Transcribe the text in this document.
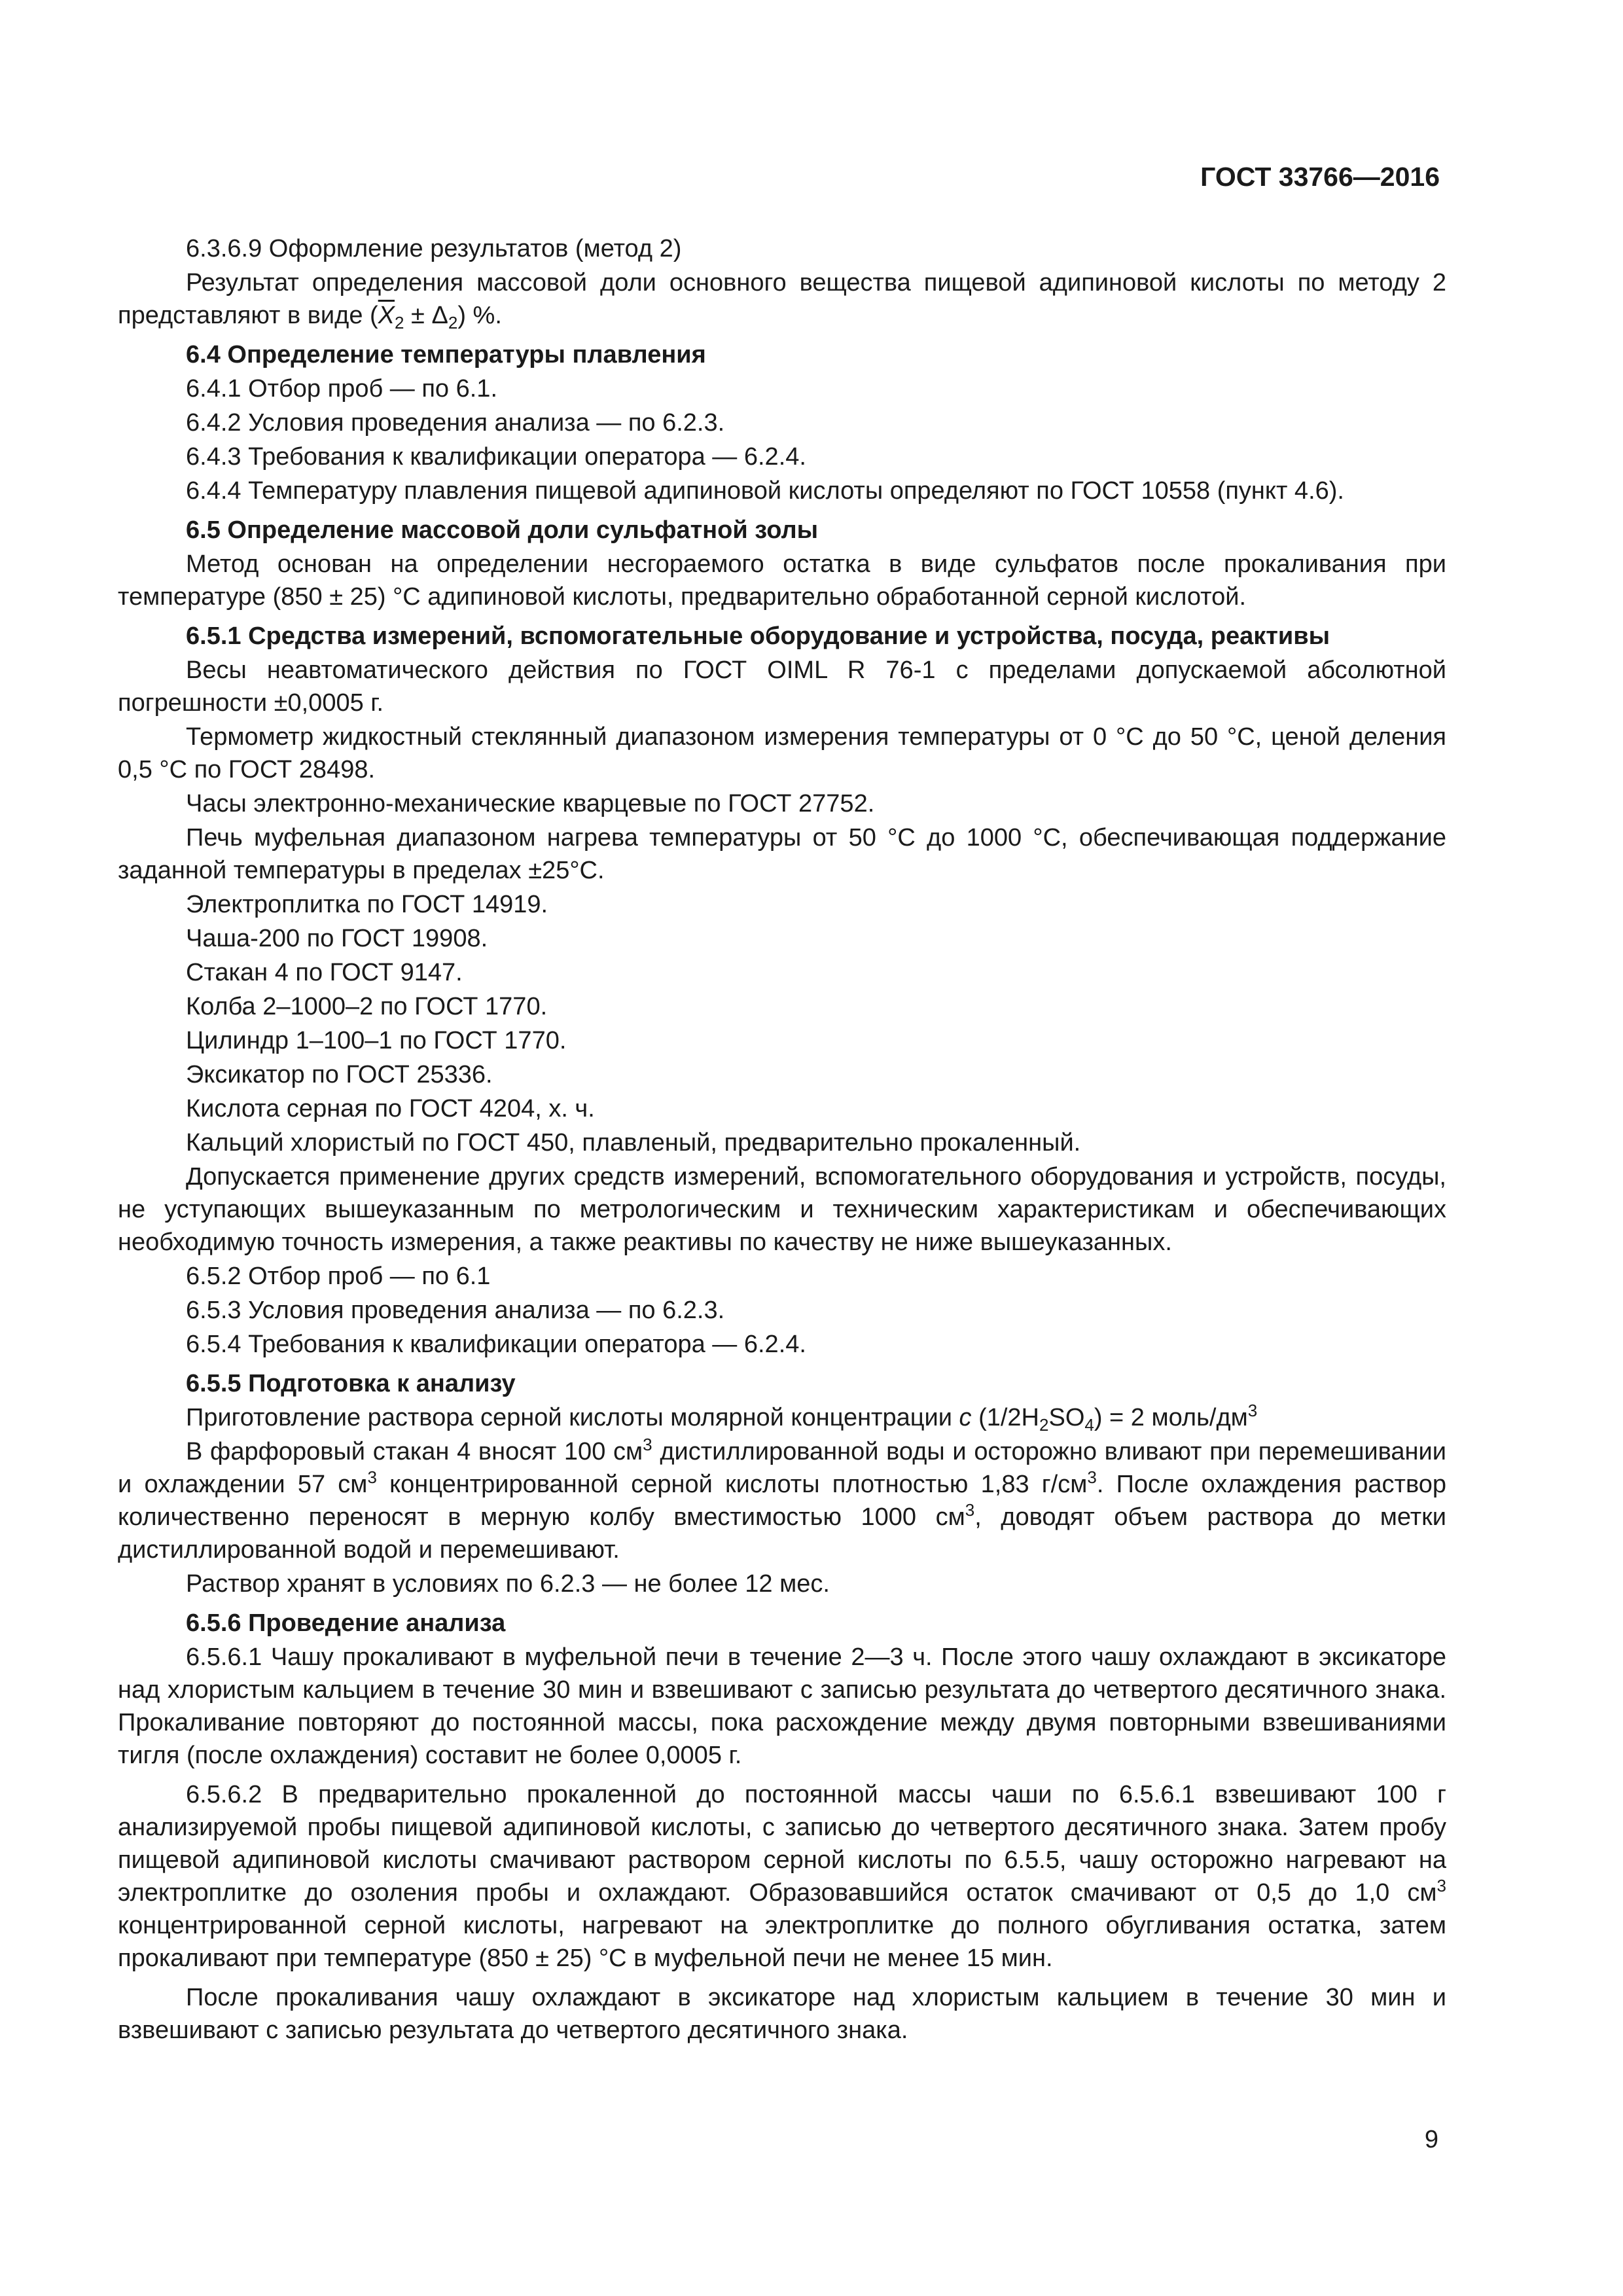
ГОСТ 33766—2016

6.3.6.9 Оформление результатов (метод 2)

Результат определения массовой доли основного вещества пищевой адипиновой кислоты по методу 2 представляют в виде $(\overline{X}_2 \pm \Delta_2)$ %.

6.4 Определение температуры плавления

6.4.1 Отбор проб — по 6.1.

6.4.2 Условия проведения анализа — по 6.2.3.

6.4.3 Требования к квалификации оператора — 6.2.4.

6.4.4 Температуру плавления пищевой адипиновой кислоты определяют по ГОСТ 10558 (пункт 4.6).

6.5 Определение массовой доли сульфатной золы

Метод основан на определении несгораемого остатка в виде сульфатов после прокаливания при температуре (850 ± 25) °С адипиновой кислоты, предварительно обработанной серной кислотой.

6.5.1 Средства измерений, вспомогательные оборудование и устройства, посуда, реактивы

Весы неавтоматического действия по ГОСТ OIML R 76-1 с пределами допускаемой абсолютной погрешности ±0,0005 г.

Термометр жидкостный стеклянный диапазоном измерения температуры от 0 °С до 50 °С, ценой деления 0,5 °С по ГОСТ 28498.

Часы электронно-механические кварцевые по ГОСТ 27752.

Печь муфельная диапазоном нагрева температуры от 50 °С до 1000 °С, обеспечивающая поддержание заданной температуры в пределах ±25°С.

Электроплитка по ГОСТ 14919.

Чаша-200 по ГОСТ 19908.

Стакан 4 по ГОСТ 9147.

Колба 2–1000–2 по ГОСТ 1770.

Цилиндр 1–100–1 по ГОСТ 1770.

Эксикатор по ГОСТ 25336.

Кислота серная по ГОСТ 4204, х. ч.

Кальций хлористый по ГОСТ 450, плавленый, предварительно прокаленный.

Допускается применение других средств измерений, вспомогательного оборудования и устройств, посуды, не уступающих вышеуказанным по метрологическим и техническим характеристикам и обеспечивающих необходимую точность измерения, а также реактивы по качеству не ниже вышеуказанных.

6.5.2 Отбор проб — по 6.1

6.5.3 Условия проведения анализа — по 6.2.3.

6.5.4 Требования к квалификации оператора — 6.2.4.

6.5.5 Подготовка к анализу

Приготовление раствора серной кислоты молярной концентрации c $(1/2H_2SO_4) = 2$ моль/$дм^3$

В фарфоровый стакан 4 вносят 100 $см^3$ дистиллированной воды и осторожно вливают при перемешивании и охлаждении 57 $см^3$ концентрированной серной кислоты плотностью 1,83 $г/см^3$. После охлаждения раствор количественно переносят в мерную колбу вместимостью 1000 $см^3$, доводят объем раствора до метки дистиллированной водой и перемешивают.

Раствор хранят в условиях по 6.2.3 — не более 12 мес.

6.5.6 Проведение анализа

6.5.6.1 Чашу прокаливают в муфельной печи в течение 2—3 ч. После этого чашу охлаждают в эксикаторе над хлористым кальцием в течение 30 мин и взвешивают с записью результата до четвертого десятичного знака. Прокаливание повторяют до постоянной массы, пока расхождение между двумя повторными взвешиваниями тигля (после охлаждения) составит не более 0,0005 г.

6.5.6.2 В предварительно прокаленной до постоянной массы чаши по 6.5.6.1 взвешивают 100 г анализируемой пробы пищевой адипиновой кислоты, с записью до четвертого десятичного знака. Затем пробу пищевой адипиновой кислоты смачивают раствором серной кислоты по 6.5.5, чашу осторожно нагревают на электроплитке до озоления пробы и охлаждают. Образовавшийся остаток смачивают от 0,5 до 1,0 $см^3$ концентрированной серной кислоты, нагревают на электроплитке до полного обугливания остатка, затем прокаливают при температуре (850 ± 25) °С в муфельной печи не менее 15 мин.

После прокаливания чашу охлаждают в эксикаторе над хлористым кальцием в течение 30 мин и взвешивают с записью результата до четвертого десятичного знака.

9
